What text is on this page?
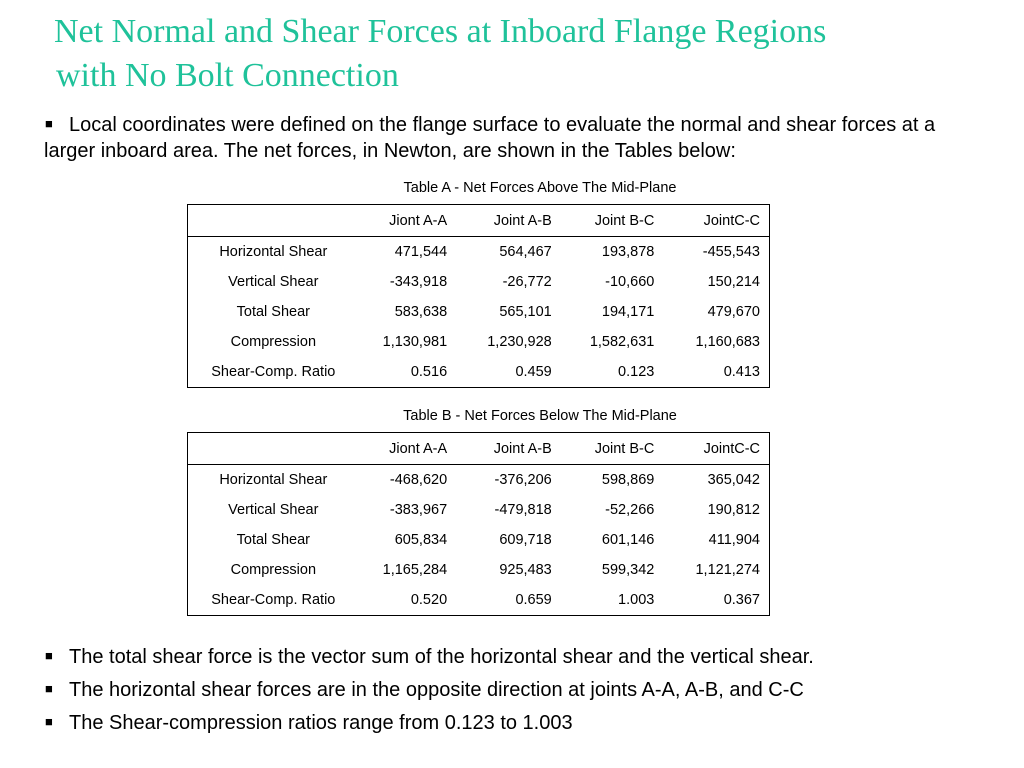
Net Normal and Shear Forces at Inboard Flange Regions
with No Bolt Connection
■ Local coordinates were defined on the flange surface to evaluate the normal and shear forces at a larger inboard area. The net forces, in Newton, are shown in the Tables below:
Table A - Net Forces Above The Mid-Plane
	Jiont A-A	Joint A-B	Joint B-C	JointC-C
Horizontal Shear	471,544	564,467	193,878	-455,543
Vertical Shear	-343,918	-26,772	-10,660	150,214
Total Shear	583,638	565,101	194,171	479,670
Compression	1,130,981	1,230,928	1,582,631	1,160,683
Shear-Comp. Ratio	0.516	0.459	0.123	0.413
Table B - Net Forces Below The Mid-Plane
	Jiont A-A	Joint A-B	Joint B-C	JointC-C
Horizontal Shear	-468,620	-376,206	598,869	365,042
Vertical Shear	-383,967	-479,818	-52,266	190,812
Total Shear	605,834	609,718	601,146	411,904
Compression	1,165,284	925,483	599,342	1,121,274
Shear-Comp. Ratio	0.520	0.659	1.003	0.367
■ The total shear force is the vector sum of the horizontal shear and the vertical shear.
■ The horizontal shear forces are in the opposite direction at joints A-A, A-B, and C-C
■ The Shear-compression ratios range from 0.123 to 1.003
